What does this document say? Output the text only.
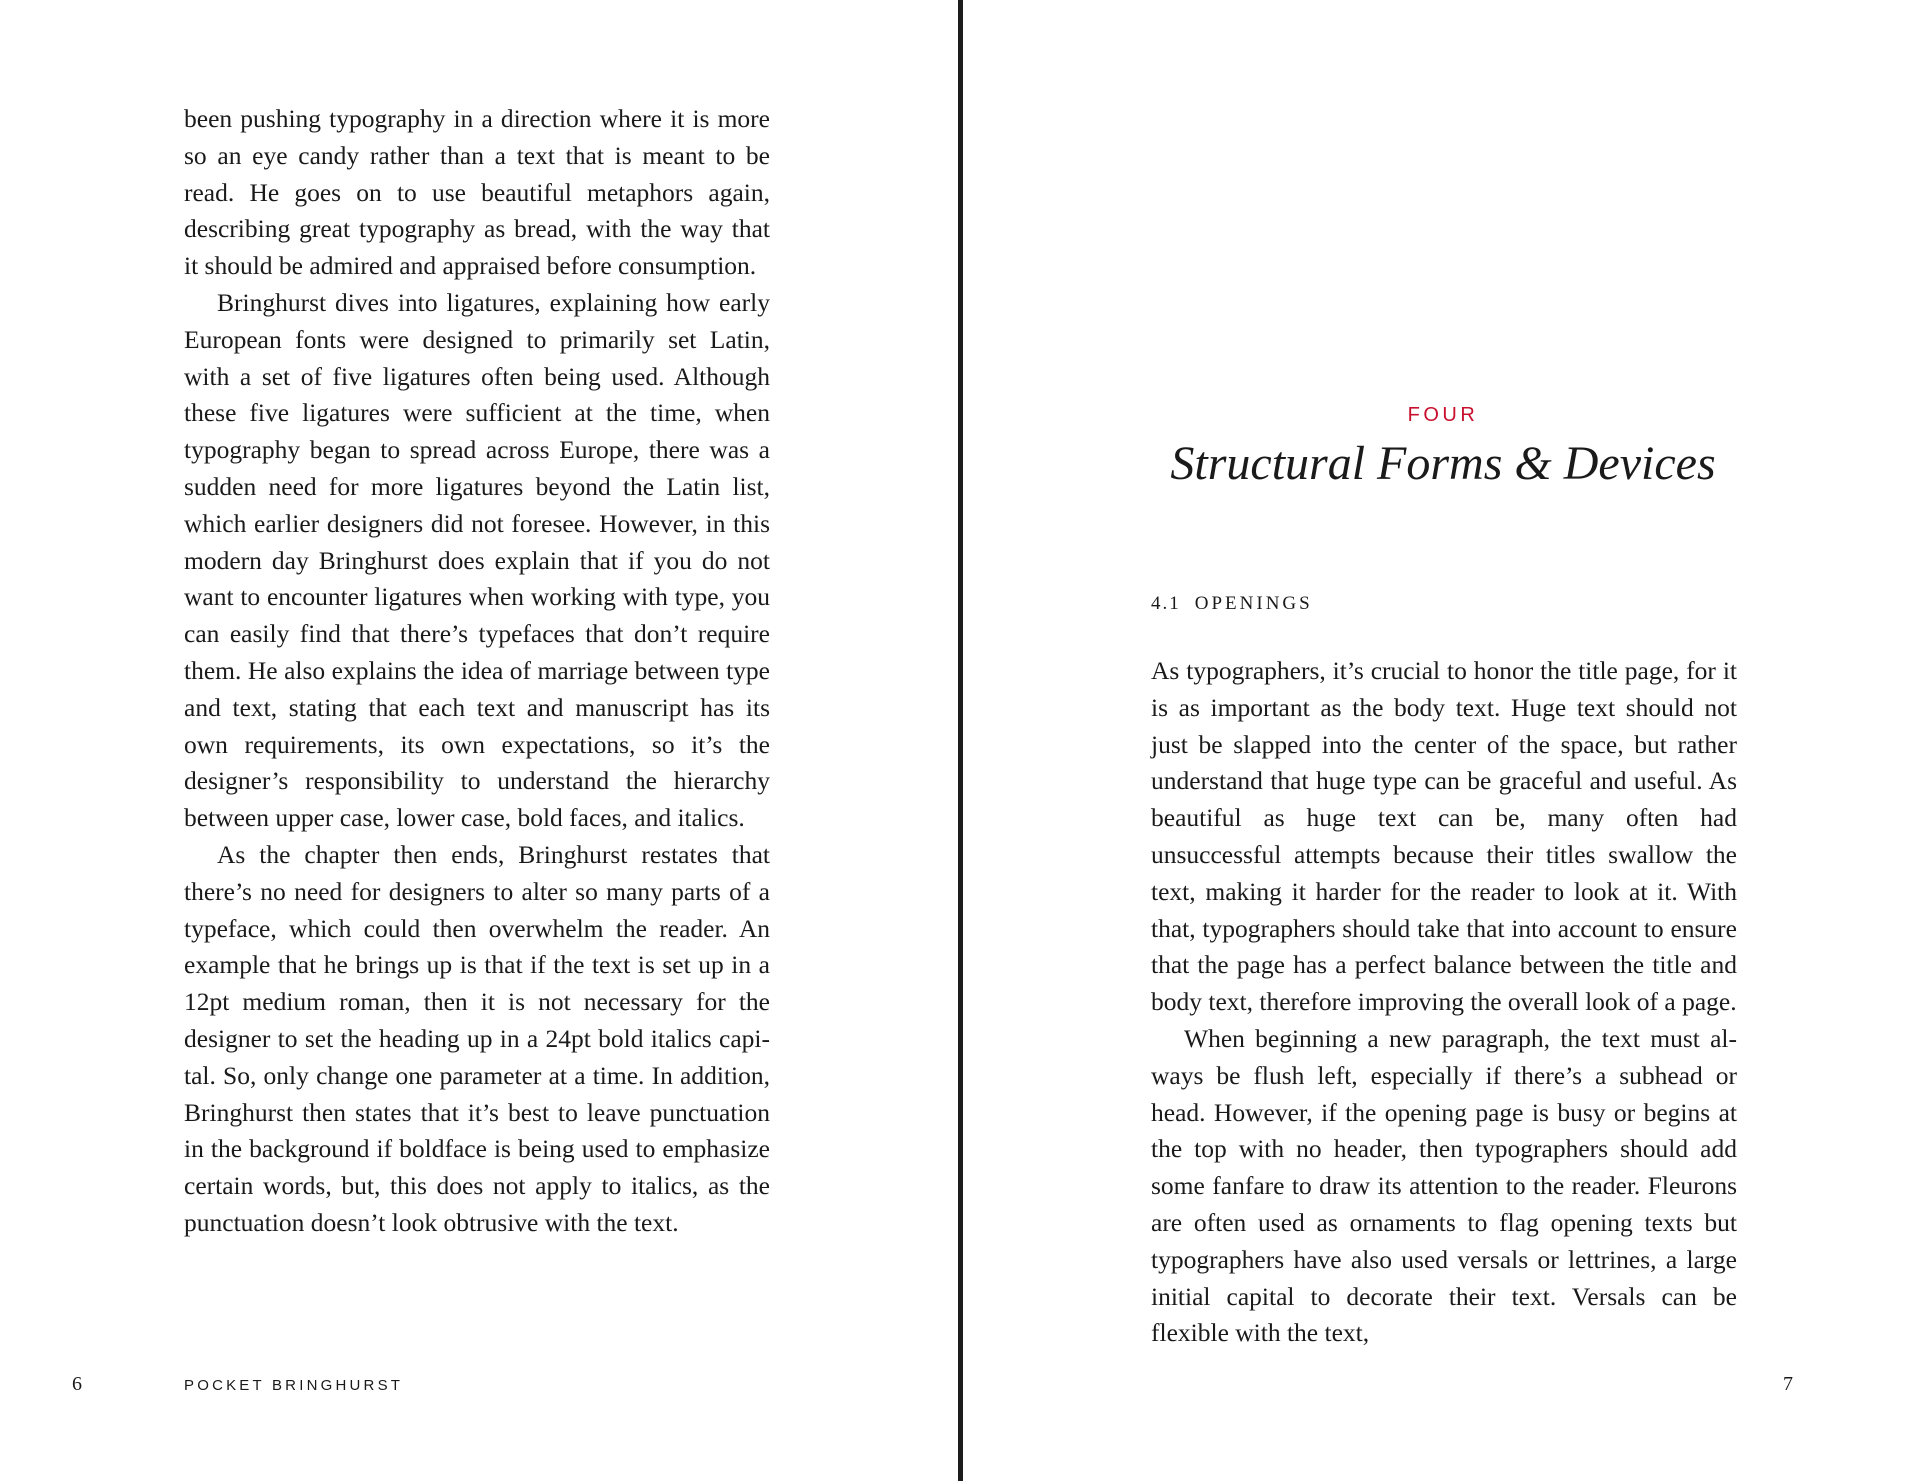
been pushing typography in a direction where it is more so an eye candy rather than a text that is meant to be read. He goes on to use beautiful metaphors again, describing great typography as bread, with the way that it should be admired and appraised before consumption.

Bringhurst dives into ligatures, explaining how early European fonts were designed to primarily set Latin, with a set of five ligatures often being used. Although these five ligatures were sufficient at the time, when typography began to spread across Europe, there was a sudden need for more ligatures beyond the Latin list, which earlier designers did not foresee. However, in this modern day Bringhurst does explain that if you do not want to encounter ligatures when working with type, you can easily find that there’s typefaces that don’t require them. He also explains the idea of marriage between type and text, stating that each text and manuscript has its own requirements, its own expectations, so it’s the designer’s responsibility to understand the hierarchy between upper case, lower case, bold faces, and italics.

As the chapter then ends, Bringhurst restates that there’s no need for designers to alter so many parts of a typeface, which could then overwhelm the reader. An example that he brings up is that if the text is set up in a 12pt medium roman, then it is not necessary for the designer to set the heading up in a 24pt bold italics capital. So, only change one parameter at a time. In addition, Bringhurst then states that it’s best to leave punctuation in the background if boldface is being used to emphasize certain words, but, this does not apply to italics, as the punctuation doesn’t look obtrusive with the text.

6	POCKET BRINGHURST
FOUR
Structural Forms & Devices
4.1 OPENINGS

As typographers, it’s crucial to honor the title page, for it is as important as the body text. Huge text should not just be slapped into the center of the space, but rather understand that huge type can be graceful and useful. As beautiful as huge text can be, many often had unsuccessful attempts because their titles swallow the text, making it harder for the reader to look at it. With that, typographers should take that into account to ensure that the page has a perfect balance between the title and body text, therefore improving the overall look of a page.

When beginning a new paragraph, the text must always be flush left, especially if there’s a subhead or head. However, if the opening page is busy or begins at the top with no header, then typographers should add some fanfare to draw its attention to the reader. Fleurons are often used as ornaments to flag opening texts but typographers have also used versals or lettrines, a large initial capital to decorate their text. Versals can be flexible with the text,

7
